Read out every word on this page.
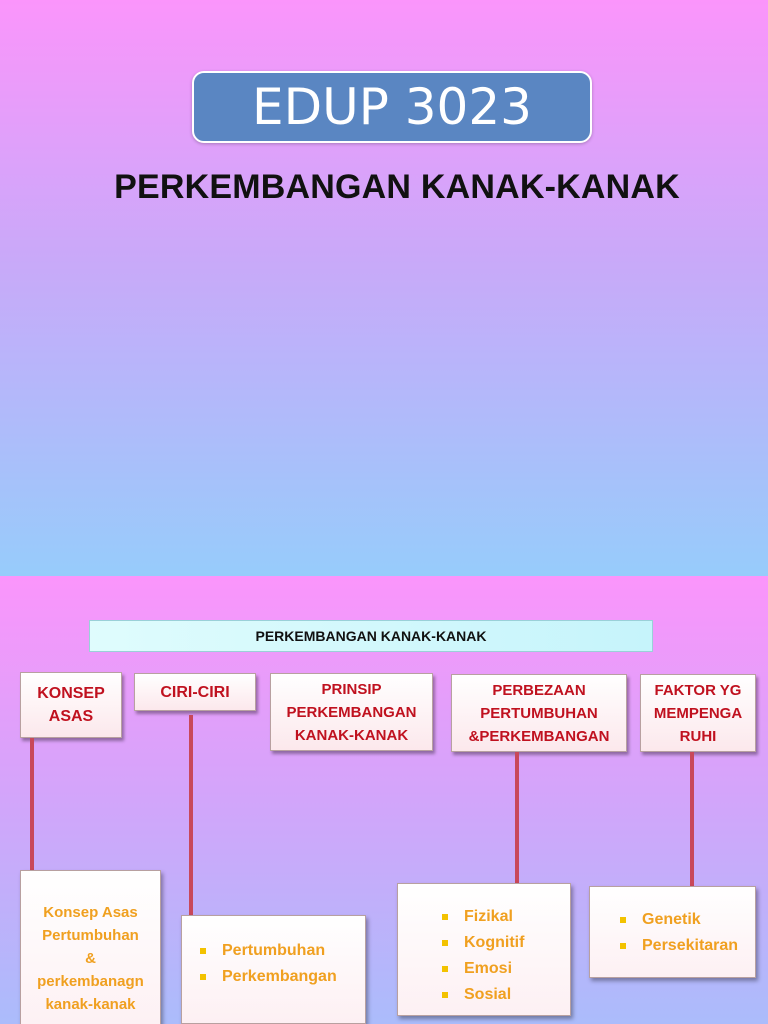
EDUP 3023
PERKEMBANGAN KANAK-KANAK
PERKEMBANGAN KANAK-KANAK
KONSEP
ASAS
CIRI-CIRI	PRINSIP
PERKEMBANGAN
KANAK-KANAK
PERBEZAAN
PERTUMBUHAN
&PERKEMBANGAN
FAKTOR YG
MEMPENGA
RUHI
Konsep Asas
Pertumbuhan
&
perkembanagn
kanak-kanak
Pertumbuhan
Perkembangan
Fizikal
Kognitif
Emosi
Sosial
Genetik
Persekitaran
